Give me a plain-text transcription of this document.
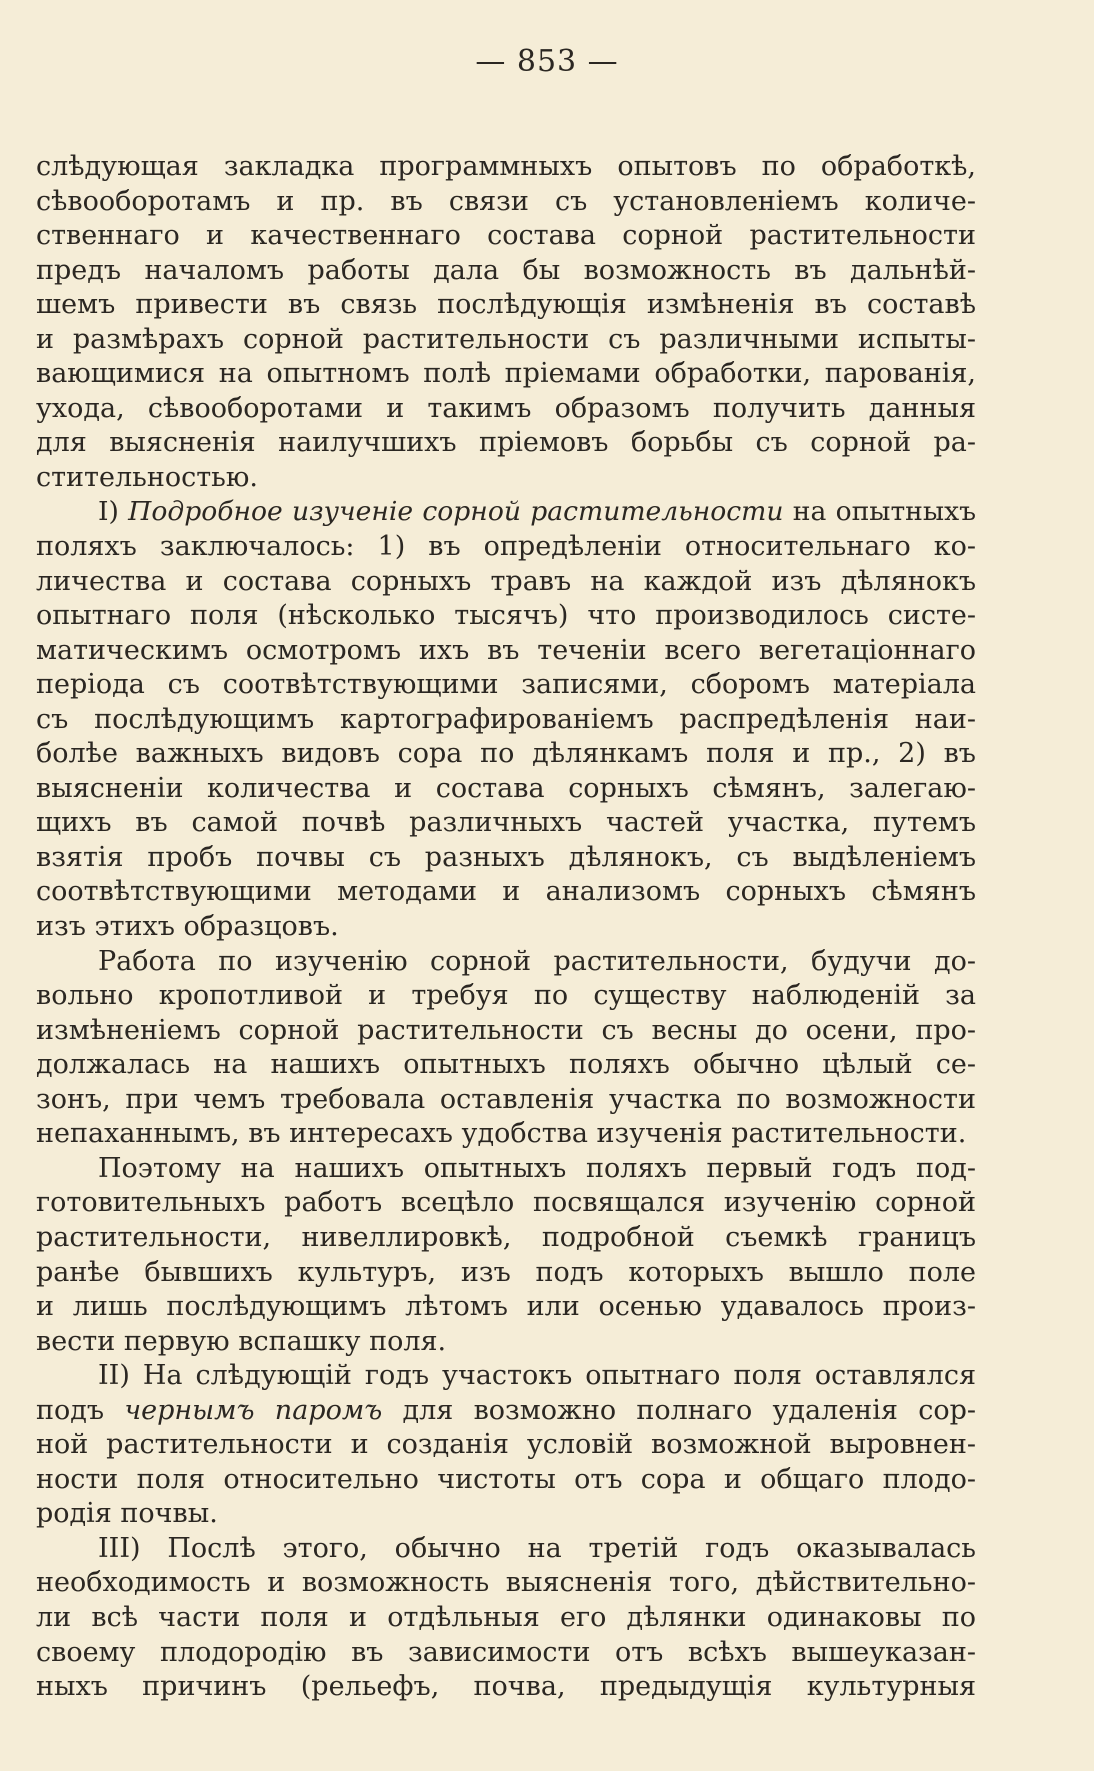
— 853 —
слѣдующая закладка программныхъ опытовъ по обработкѣ,
сѣвооборотамъ и пр. въ связи съ установленіемъ количе-
ственнаго и качественнаго состава сорной растительности
предъ началомъ работы дала бы возможность въ дальнѣй-
шемъ привести въ связь послѣдующія измѣненія въ составѣ
и размѣрахъ сорной растительности съ различными испыты-
вающимися на опытномъ полѣ пріемами обработки, парованія,
ухода, сѣвооборотами и такимъ образомъ получить данныя
для выясненія наилучшихъ пріемовъ борьбы съ сорной ра-
стительностью.
I) Подробное изученіе сорной растительности на опытныхъ
поляхъ заключалось: 1) въ опредѣленіи относительнаго ко-
личества и состава сорныхъ травъ на каждой изъ дѣлянокъ
опытнаго поля (нѣсколько тысячъ) что производилось систе-
матическимъ осмотромъ ихъ въ теченіи всего вегетаціоннаго
періода съ соотвѣтствующими записями, сборомъ матеріала
съ послѣдующимъ картографированіемъ распредѣленія наи-
болѣе важныхъ видовъ сора по дѣлянкамъ поля и пр., 2) въ
выясненіи количества и состава сорныхъ сѣмянъ, залегаю-
щихъ въ самой почвѣ различныхъ частей участка, путемъ
взятія пробъ почвы съ разныхъ дѣлянокъ, съ выдѣленіемъ
соотвѣтствующими методами и анализомъ сорныхъ сѣмянъ
изъ этихъ образцовъ.
Работа по изученію сорной растительности, будучи до-
вольно кропотливой и требуя по существу наблюденій за
измѣненіемъ сорной растительности съ весны до осени, про-
должалась на нашихъ опытныхъ поляхъ обычно цѣлый се-
зонъ, при чемъ требовала оставленія участка по возможности
непаханнымъ, въ интересахъ удобства изученія растительности.
Поэтому на нашихъ опытныхъ поляхъ первый годъ под-
готовительныхъ работъ всецѣло посвящался изученію сорной
растительности, нивеллировкѣ, подробной съемкѣ границъ
ранѣе бывшихъ культуръ, изъ подъ которыхъ вышло поле
и лишь послѣдующимъ лѣтомъ или осенью удавалось произ-
вести первую вспашку поля.
II) На слѣдующій годъ участокъ опытнаго поля оставлялся
подъ чернымъ паромъ для возможно полнаго удаленія сор-
ной растительности и созданія условій возможной выровнен-
ности поля относительно чистоты отъ сора и общаго плодо-
родія почвы.
III) Послѣ этого, обычно на третій годъ оказывалась
необходимость и возможность выясненія того, дѣйствительно-
ли всѣ части поля и отдѣльныя его дѣлянки одинаковы по
своему плодородію въ зависимости отъ всѣхъ вышеуказан-
ныхъ причинъ (рельефъ, почва, предыдущія культурныя
